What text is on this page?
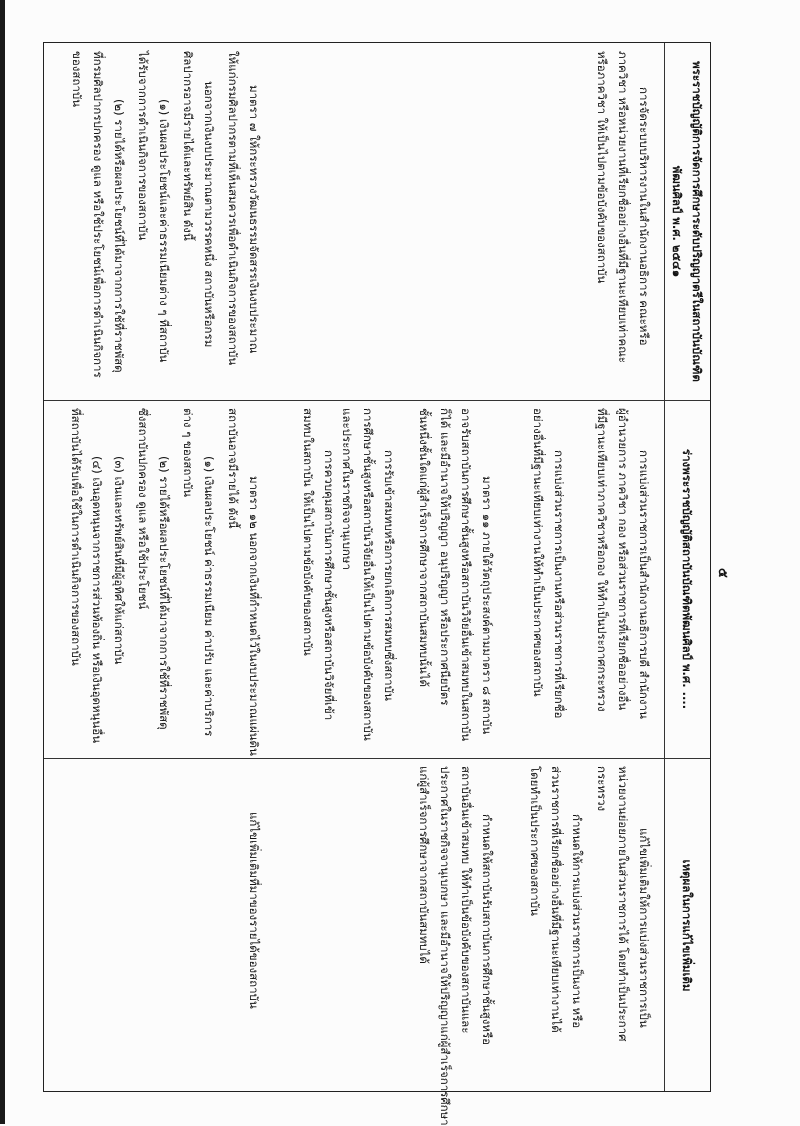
๕
พระราชบัญญัติการจัดการศึกษาระดับปริญญาตรีในสถาบันบัณฑิต
พัฒนศิลป์ พ.ศ. ๒๕๔๑
การจัดระบบบริหารงานในสำนักงานอธิการ คณะหรือ
ภาควิชา หรือหน่วยงานที่เรียกชื่ออย่างอื่นที่มีฐานะเทียบเท่าคณะ
หรือภาควิชา ให้เป็นไปตามข้อบังคับของสถาบัน
มาตรา ๗ ให้กระทรวงวัฒนธรรมจัดสรรเงินงบประมาณ
ให้แก่กรมศิลปากรตามที่เห็นสมควรเพื่อดำเนินกิจการของสถาบัน
นอกจากเงินงบประมาณตามวรรคหนึ่ง สถาบันหรือกรม
ศิลปากรอาจมีรายได้และทรัพย์สิน ดังนี้
(๑) เงินผลประโยชน์และค่าธรรมเนียมต่าง ๆ ที่สถาบัน
ได้รับจากการดำเนินกิจการของสถาบัน
(๒) รายได้หรือผลประโยชน์ที่ได้มาจากการใช้ที่ราชพัสดุ
ที่กรมศิลปากรปกครอง ดูแล หรือใช้ประโยชน์เพื่อการดำเนินกิจการ
ของสถาบัน
ร่างพระราชบัญญัติสถาบันบัณฑิตพัฒนศิลป์ พ.ศ. ....
การแบ่งส่วนราชการเป็นสำนักงานอธิการบดี สำนักงาน
ผู้อำนวยการ ภาควิชา กอง หรือส่วนราชการที่เรียกชื่ออย่างอื่น
ที่มีฐานะเทียบเท่าภาควิชาหรือกอง ให้ทำเป็นประกาศกระทรวง
การแบ่งส่วนราชการเป็นงานหรือส่วนราชการที่เรียกชื่อ
อย่างอื่นที่มีฐานะเทียบเท่างานให้ทำเป็นประกาศของสถาบัน
มาตรา ๑๑ ภายใต้วัตถุประสงค์ตามมาตรา ๘ สถาบัน
อาจรับสถาบันการศึกษาชั้นสูงหรือสถาบันวิจัยอื่นเข้าสมทบในสถาบัน
ก็ได้ และมีอำนาจให้ปริญญา อนุปริญญา หรือประกาศนียบัตร
ชั้นหนึ่งชั้นใดแก่ผู้สำเร็จการศึกษาจากสถาบันสมทบนั้นได้
การรับเข้าสมทบหรือการยกเลิกการสมทบซึ่งสถาบัน
การศึกษาชั้นสูงหรือสถาบันวิจัยอื่นให้เป็นไปตามข้อบังคับของสถาบัน
และประกาศในราชกิจจานุเบกษา
การควบคุมสถาบันการศึกษาชั้นสูงหรือสถาบันวิจัยที่เข้า
สมทบในสถาบัน ให้เป็นไปตามข้อบังคับของสถาบัน
มาตรา ๑๒ นอกจากเงินที่กำหนดไว้ในงบประมาณแผ่นดิน
สถาบันอาจมีรายได้ ดังนี้
(๑) เงินผลประโยชน์ ค่าธรรมเนียม ค่าปรับ และค่าบริการ
ต่าง ๆ ของสถาบัน
(๒) รายได้หรือผลประโยชน์ที่ได้มาจากการใช้ที่ราชพัสดุ
ซึ่งสถาบันปกครอง ดูแล หรือใช้ประโยชน์
(๓) เงินและทรัพย์สินที่มีผู้อุทิศให้แก่สถาบัน
(๔) เงินอุดหนุนจากราชการส่วนท้องถิ่น หรือเงินอุดหนุนอื่น
ที่สถาบันได้รับเพื่อใช้ในการดำเนินกิจการของสถาบัน
เหตุผลในการแก้ไขเพิ่มเติม
แก้ไขเพิ่มเติมให้การแบ่งส่วนราชการเป็น
หน่วยงานย่อยภายในส่วนราชการได้ โดยทำเป็นประกาศ
กระทรวง
กำหนดให้การแบ่งส่วนราชการเป็นงาน หรือ
ส่วนราชการที่เรียกชื่ออย่างอื่นที่มีฐานะเทียบเท่างานได้
โดยทำเป็นประกาศของสถาบัน
กำหนดให้สถาบันรับสถาบันการศึกษาชั้นสูงหรือ
สถาบันอื่นเข้าสมทบ ให้ทำเป็นข้อบังคับของสถาบันและ
ประกาศในราชกิจจานุเบกษา และมีอำนาจให้ปริญญาแก่ผู้สำเร็จการศึกษา
แก่ผู้สำเร็จการศึกษาจากสถาบันสมทบได้
แก้ไขเพิ่มเติมที่มาของรายได้ของสถาบัน
